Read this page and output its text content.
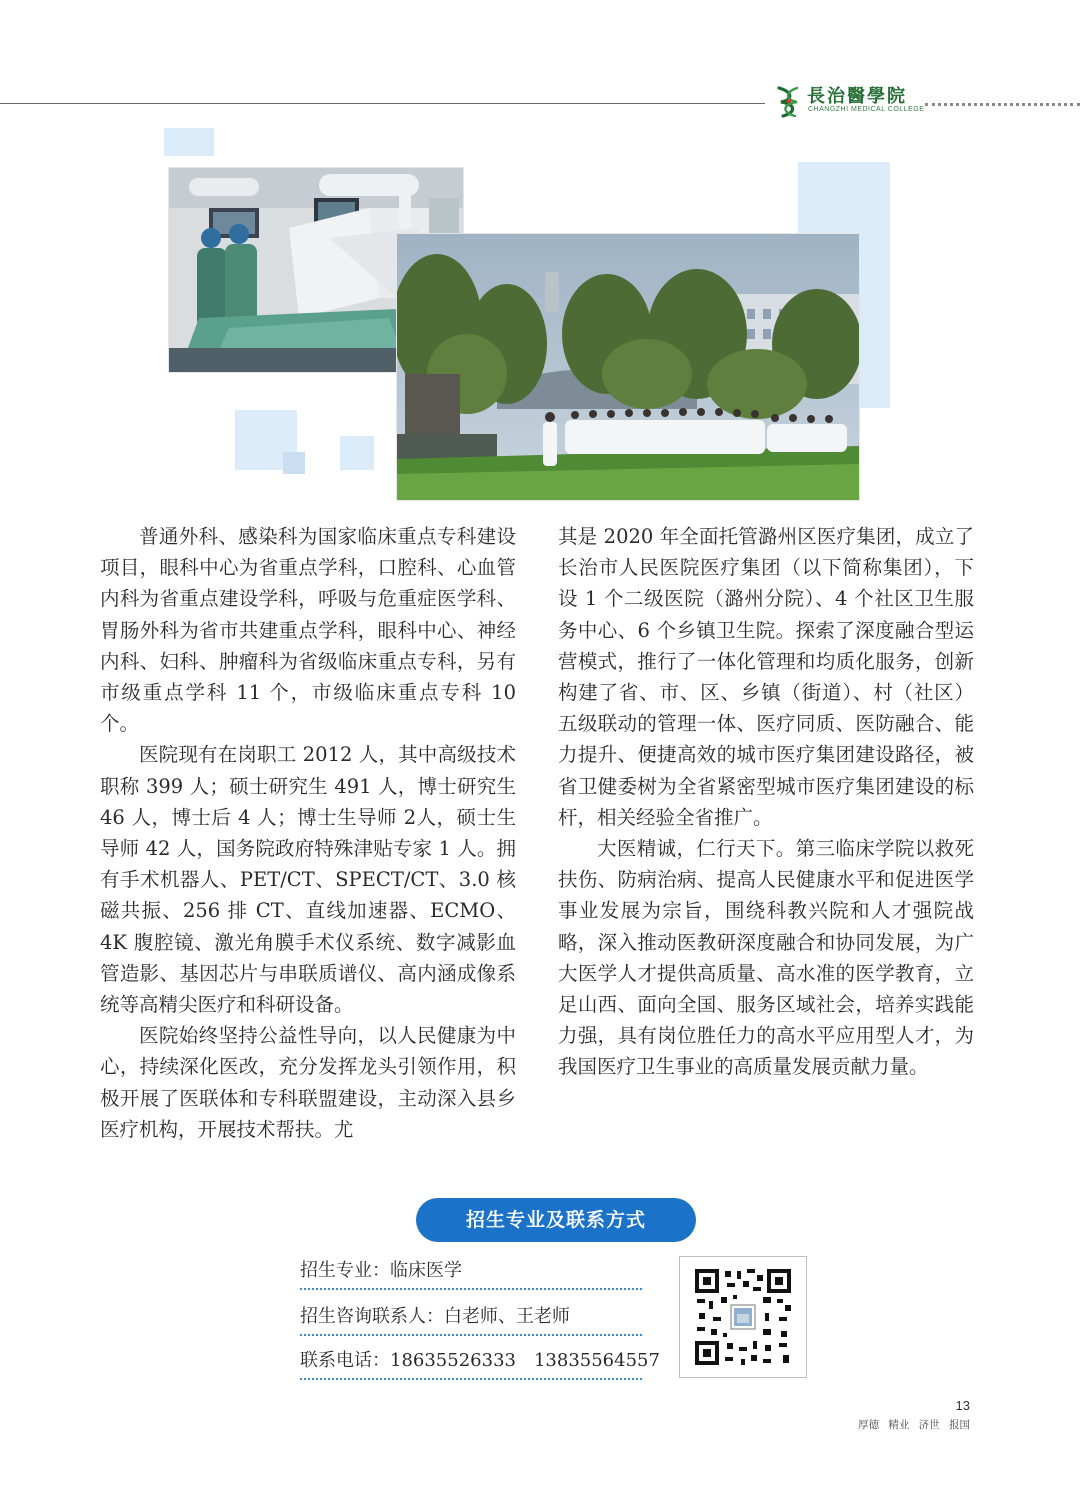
長治醫學院
CHANGZHI MEDICAL COLLEGE

普通外科、感染科为国家临床重点专科建设项目，眼科中心为省重点学科，口腔科、心血管内科为省重点建设学科，呼吸与危重症医学科、胃肠外科为省市共建重点学科，眼科中心、神经内科、妇科、肿瘤科为省级临床重点专科，另有市级重点学科 11 个，市级临床重点专科 10 个。

医院现有在岗职工 2012 人，其中高级技术职称 399 人；硕士研究生 491 人，博士研究生 46 人，博士后 4 人；博士生导师 2人，硕士生导师 42 人，国务院政府特殊津贴专家 1 人。拥有手术机器人、PET/CT、SPECT/CT、3.0 核磁共振、256 排 CT、直线加速器、ECMO、4K 腹腔镜、激光角膜手术仪系统、数字减影血管造影、基因芯片与串联质谱仪、高内涵成像系统等高精尖医疗和科研设备。

医院始终坚持公益性导向，以人民健康为中心，持续深化医改，充分发挥龙头引领作用，积极开展了医联体和专科联盟建设，主动深入县乡医疗机构，开展技术帮扶。尤

其是 2020 年全面托管潞州区医疗集团，成立了长治市人民医院医疗集团（以下简称集团），下设 1 个二级医院（潞州分院）、4 个社区卫生服务中心、6 个乡镇卫生院。探索了深度融合型运营模式，推行了一体化管理和均质化服务，创新构建了省、市、区、乡镇（街道）、村（社区）五级联动的管理一体、医疗同质、医防融合、能力提升、便捷高效的城市医疗集团建设路径，被省卫健委树为全省紧密型城市医疗集团建设的标杆，相关经验全省推广。

大医精诚，仁行天下。第三临床学院以救死扶伤、防病治病、提高人民健康水平和促进医学事业发展为宗旨，围绕科教兴院和人才强院战略，深入推动医教研深度融合和协同发展，为广大医学人才提供高质量、高水准的医学教育，立足山西、面向全国、服务区域社会，培养实践能力强，具有岗位胜任力的高水平应用型人才，为我国医疗卫生事业的高质量发展贡献力量。

招生专业及联系方式
招生专业：临床医学
招生咨询联系人：白老师、王老师
联系电话：18635526333　13835564557
13
厚德 精业 济世 报国
